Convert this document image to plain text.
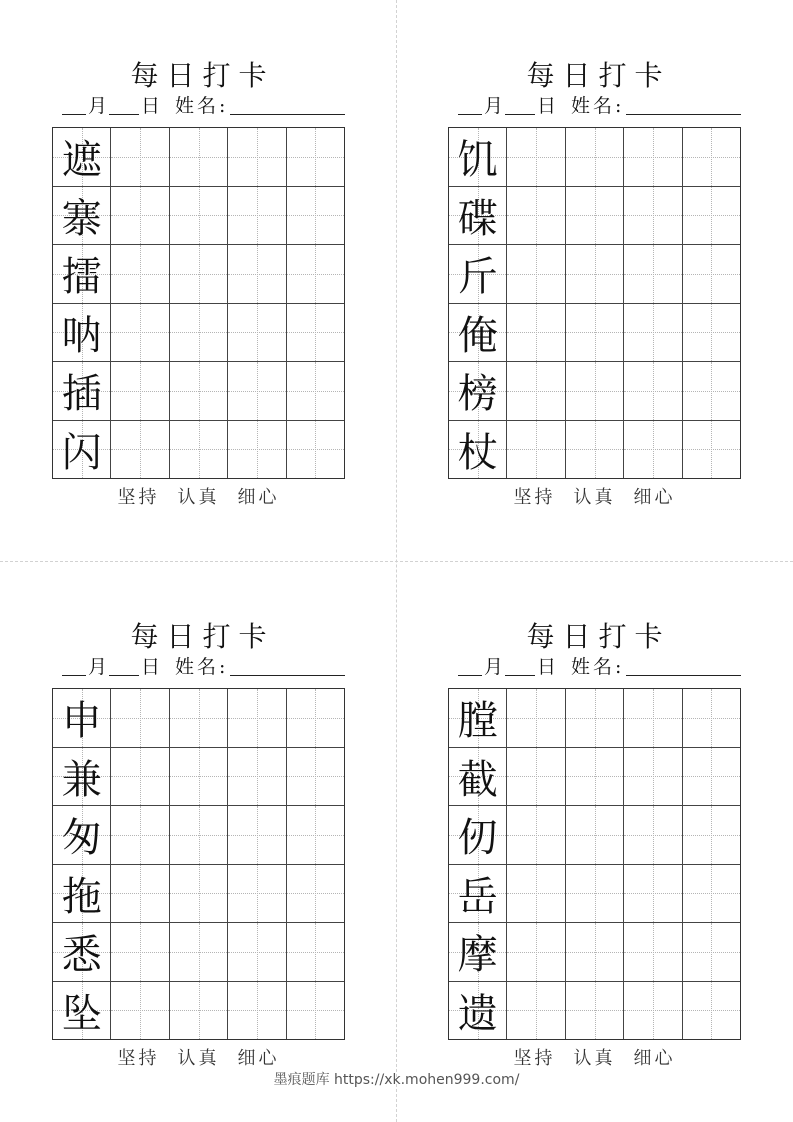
每日打卡
月 日 姓名:
遮
寨
擂
呐
插
闪
坚持 认真 细心
每日打卡
月 日 姓名:
饥
碟
斤
俺
榜
杖
坚持 认真 细心
每日打卡
月 日 姓名:
申
兼
匆
拖
悉
坠
坚持 认真 细心
每日打卡
月 日 姓名:
膛
截
仞
岳
摩
遗
坚持 认真 细心
墨痕题库 https://xk.mohen999.com/
